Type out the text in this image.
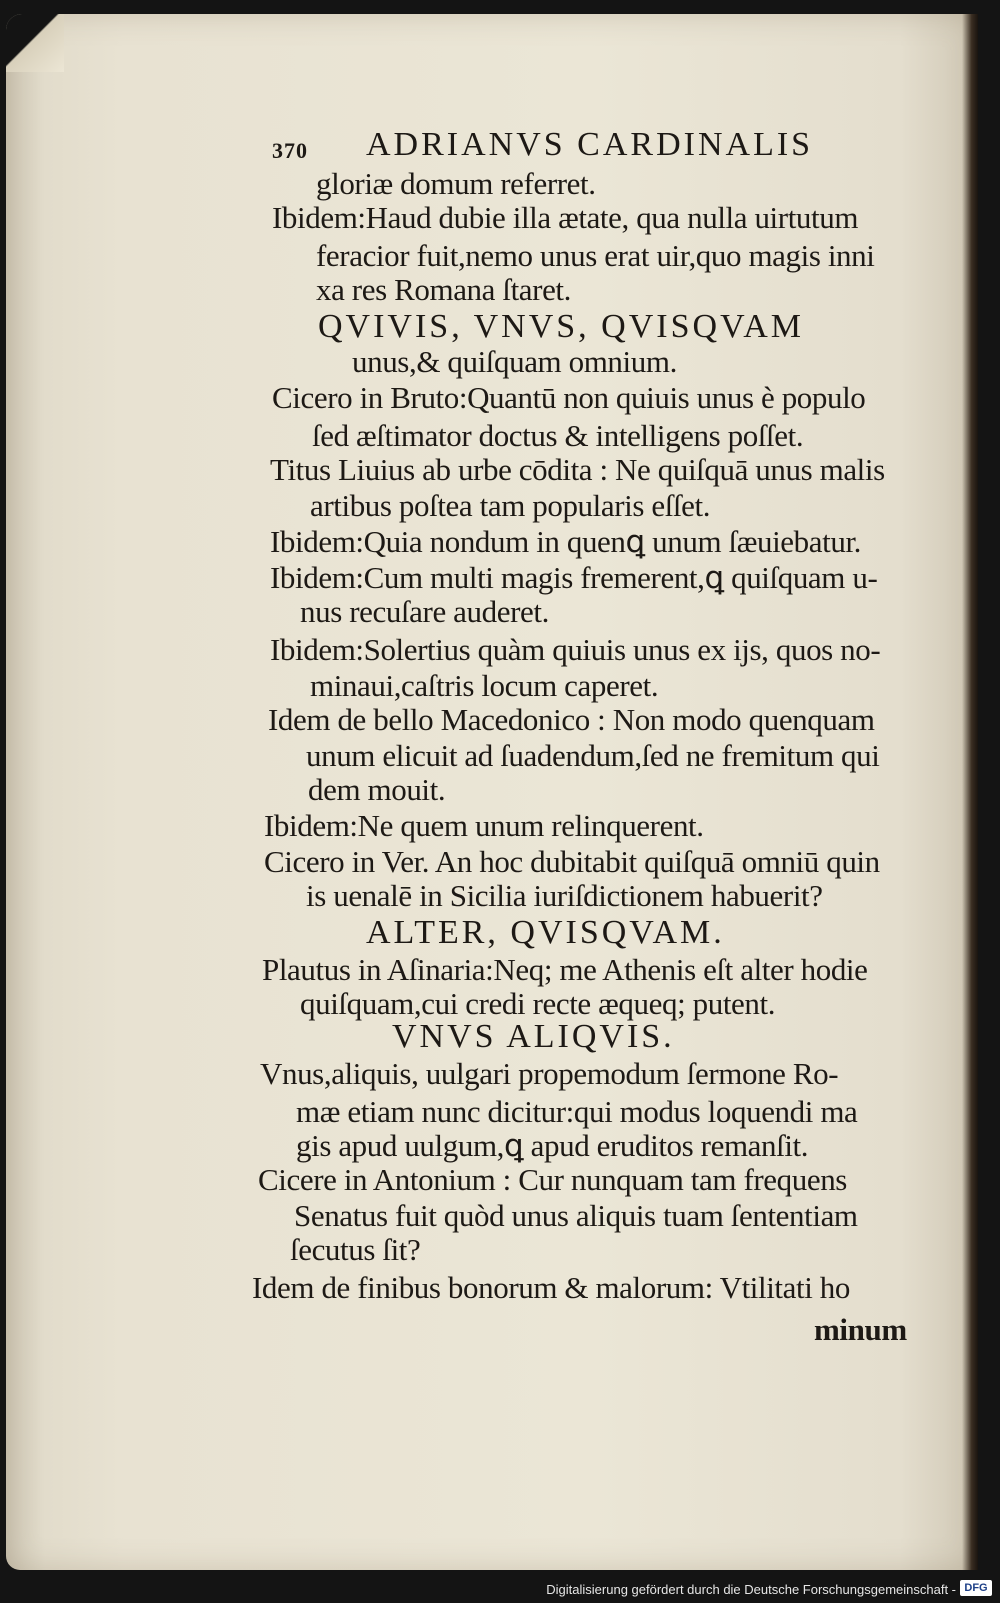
370 ADRIANVS CARDINALIS
gloriæ domum referret.
Ibidem:Haud dubie illa ætate, qua nulla uirtutum
feracior fuit,nemo unus erat uir,quo magis inni
xa res Romana ſtaret.
QVIVIS, VNVS, QVISQVAM
unus,& quiſquam omnium.
Cicero in Bruto:Quantū non quiuis unus è populo
ſed æſtimator doctus & intelligens poſſet.
Titus Liuius ab urbe cōdita : Ne quiſquā unus malis
artibus poſtea tam popularis eſſet.
Ibidem:Quia nondum in quenꝗ unum ſæuiebatur.
Ibidem:Cum multi magis fremerent,ꝗ quiſquam u-
nus recuſare auderet.
Ibidem:Solertius quàm quiuis unus ex ijs, quos no-
minaui,caſtris locum caperet.
Idem de bello Macedonico : Non modo quenquam
unum elicuit ad ſuadendum,ſed ne fremitum qui
dem mouit.
Ibidem:Ne quem unum relinquerent.
Cicero in Ver. An hoc dubitabit quiſquā omniū quin
is uenalē in Sicilia iuriſdictionem habuerit?
ALTER, QVISQVAM.
Plautus in Aſinaria:Neq; me Athenis eſt alter hodie
quiſquam,cui credi recte æqueq; putent.
VNVS ALIQVIS.
Vnus,aliquis, uulgari propemodum ſermone Ro-
mæ etiam nunc dicitur:qui modus loquendi ma
gis apud uulgum,ꝗ apud eruditos remanſit.
Cicere in Antonium : Cur nunquam tam frequens
Senatus fuit quòd unus aliquis tuam ſententiam
ſecutus ſit?
Idem de finibus bonorum & malorum: Vtilitati ho
minum
Digitalisierung gefördert durch die Deutsche Forschungsgemeinschaft - DFG
